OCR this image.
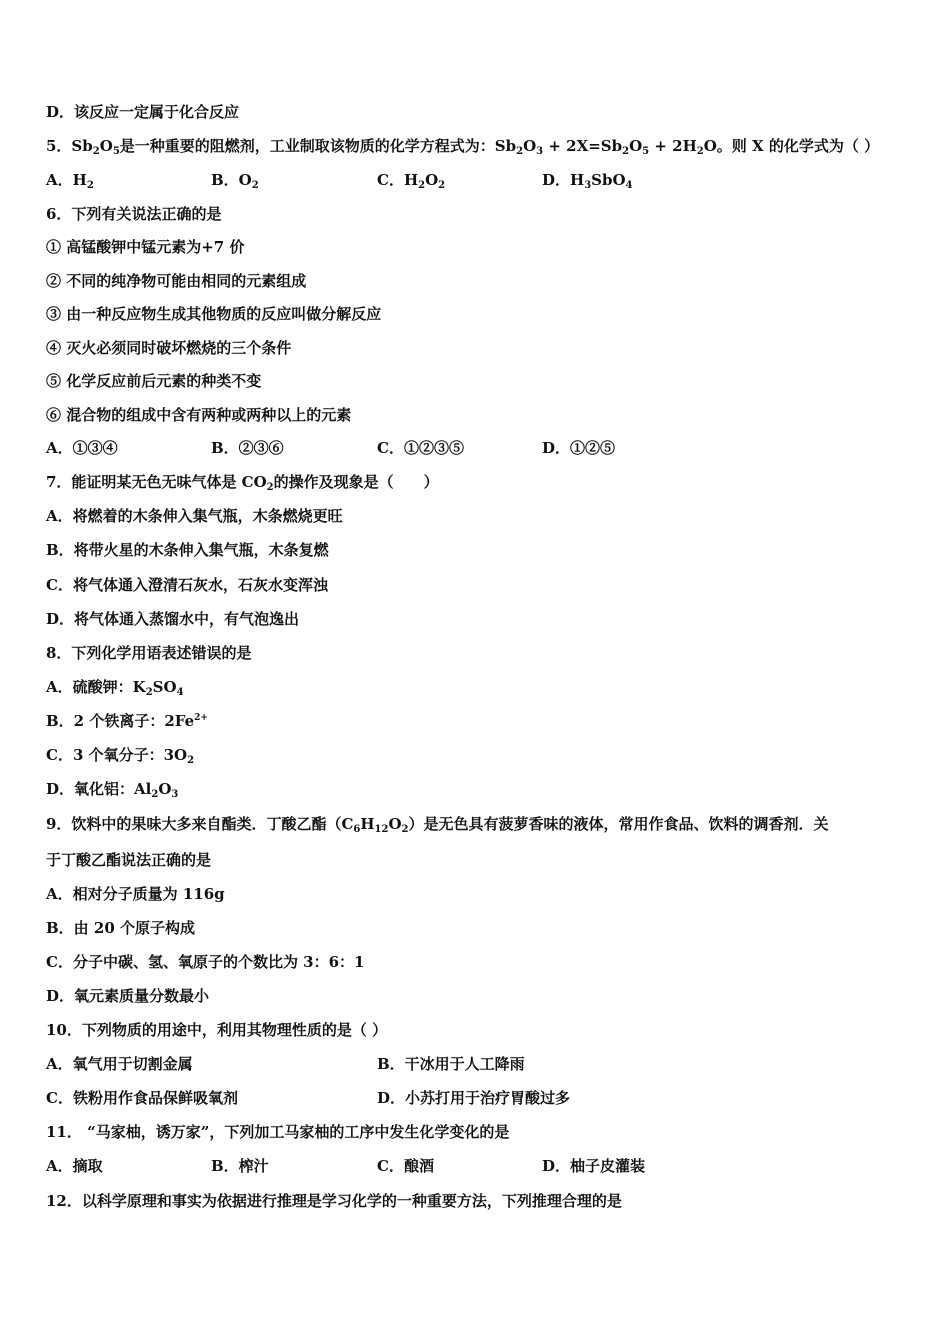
D．该反应一定属于化合反应
5．$Sb_2O_5$是一种重要的阻燃剂，工业制取该物质的化学方程式为：$Sb_2O_3 + 2X=Sb_2O_5 + 2H_2O$。则 X 的化学式为（ ）
A．$H_2$	B．$O_2$	C．$H_2O_2$	D．$H_3SbO_4$
6．下列有关说法正确的是
① 高锰酸钾中锰元素为+7 价
② 不同的纯净物可能由相同的元素组成
③ 由一种反应物生成其他物质的反应叫做分解反应
④ 灭火必须同时破坏燃烧的三个条件
⑤ 化学反应前后元素的种类不变
⑥ 混合物的组成中含有两种或两种以上的元素
A．①③④	B．②③⑥	C．①②③⑤	D．①②⑤
7．能证明某无色无味气体是 $CO_2$的操作及现象是（　　）
A．将燃着的木条伸入集气瓶，木条燃烧更旺
B．将带火星的木条伸入集气瓶，木条复燃
C．将气体通入澄清石灰水，石灰水变浑浊
D．将气体通入蒸馏水中，有气泡逸出
8．下列化学用语表述错误的是
A．硫酸钾：$K_2SO_4$
B．2 个铁离子：$2Fe^{2+}$
C．3 个氧分子：$3O_2$
D．氧化铝：$Al_2O_3$
9．饮料中的果味大多来自酯类．丁酸乙酯$(C_6H_{12}O_2)$是无色具有菠萝香味的液体，常用作食品、饮料的调香剂．关
于丁酸乙酯说法正确的是
A．相对分子质量为 116g
B．由 20 个原子构成
C．分子中碳、氢、氧原子的个数比为 3：6：1
D．氧元素质量分数最小
10．下列物质的用途中，利用其物理性质的是（ ）
A．氧气用于切割金属	B．干冰用于人工降雨
C．铁粉用作食品保鲜吸氧剂	D．小苏打用于治疗胃酸过多
11． “马家柚，诱万家”，下列加工马家柚的工序中发生化学变化的是
A．摘取	B．榨汁	C．酿酒	D．柚子皮灌装
12．以科学原理和事实为依据进行推理是学习化学的一种重要方法，下列推理合理的是
